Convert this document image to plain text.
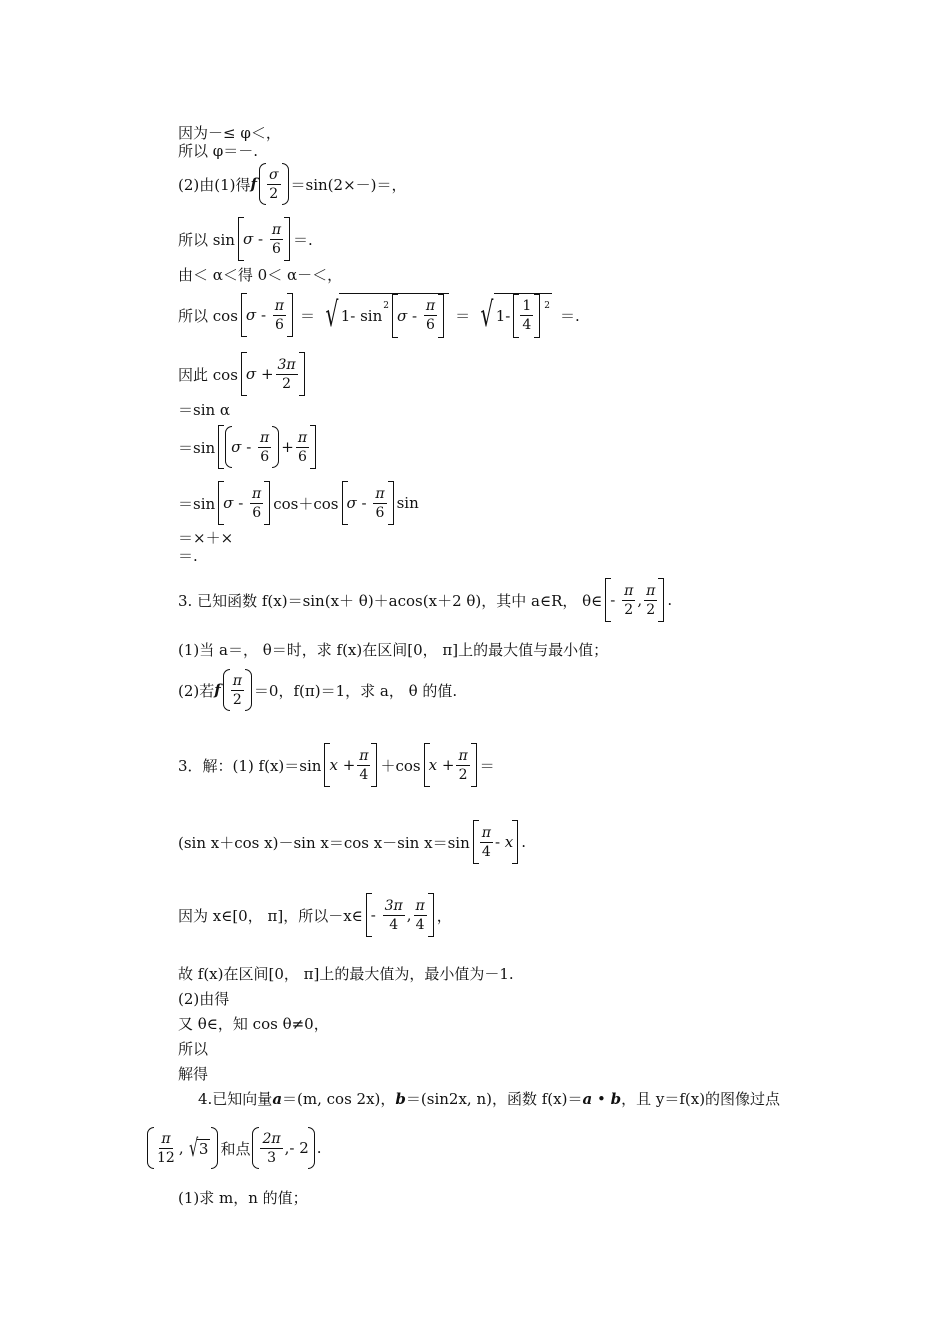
因为－≤ φ＜，
所以 φ＝－.
(2)由(1)得 f $\frac{\sigma}{2} =\sin(2\times-)=$，
所以 sin σ
-
$\frac{\pi}{6}$ ＝.
由＜ α＜得 0＜ α－＜，
所以 cos σ
-
$\frac{\pi}{6}$ ＝ √ 1- sin
2
σ
-
$\frac{\pi}{6}$ ＝ √ $1- \frac{1}{4} 2$
＝.
因此 cos σ
+ $\frac{3\pi}{2}$
＝sin α
＝sin σ
-
$\frac{\pi}{6} + \frac{\pi}{6}$
＝sin σ
-
$\frac{\pi}{6} \cos+\cos$ σ
-
$\frac{\pi}{6}$ sin
＝×＋×
＝.
3. 已知函数 f(x)＝sin(x＋ θ)＋acos(x＋2 θ)，其中 a∈R， θ∈ -
$\frac{\pi}{2}$ , $\frac{\pi}{2}$ .
(1)当 a＝， θ＝时，求 f(x)在区间[0， π]上的最大值与最小值；
(2)若 f $\frac{\pi}{2} =0$，f(π)＝1，求 a， θ 的值.
3．解：(1) f(x)＝sin x
+ $\frac{\pi}{4} +\cos$ x
+ $\frac{\pi}{2}$ ＝
(sin x＋cos x)－sin x＝cos x－sin $x=\sin \frac{\pi}{4}$ -
x .
因为 x∈[0， π]，所以－x∈ -
$\frac{3\pi}{4}$ , $\frac{\pi}{4}$ ，
故 f(x)在区间[0， π]上的最大值为，最小值为－1.
(2)由得
又 θ∈，知 cos θ≠0，
所以
解得
4.已知向量a＝(m, cos 2x)，b＝(sin2x, n)，函数 f(x)＝a • b，且 y＝f(x)的图像过点
$\frac{\pi}{12}$ , √ 3 和点 $\frac{2\pi}{3}$ , - 2 .
(1)求 m，n 的值；
